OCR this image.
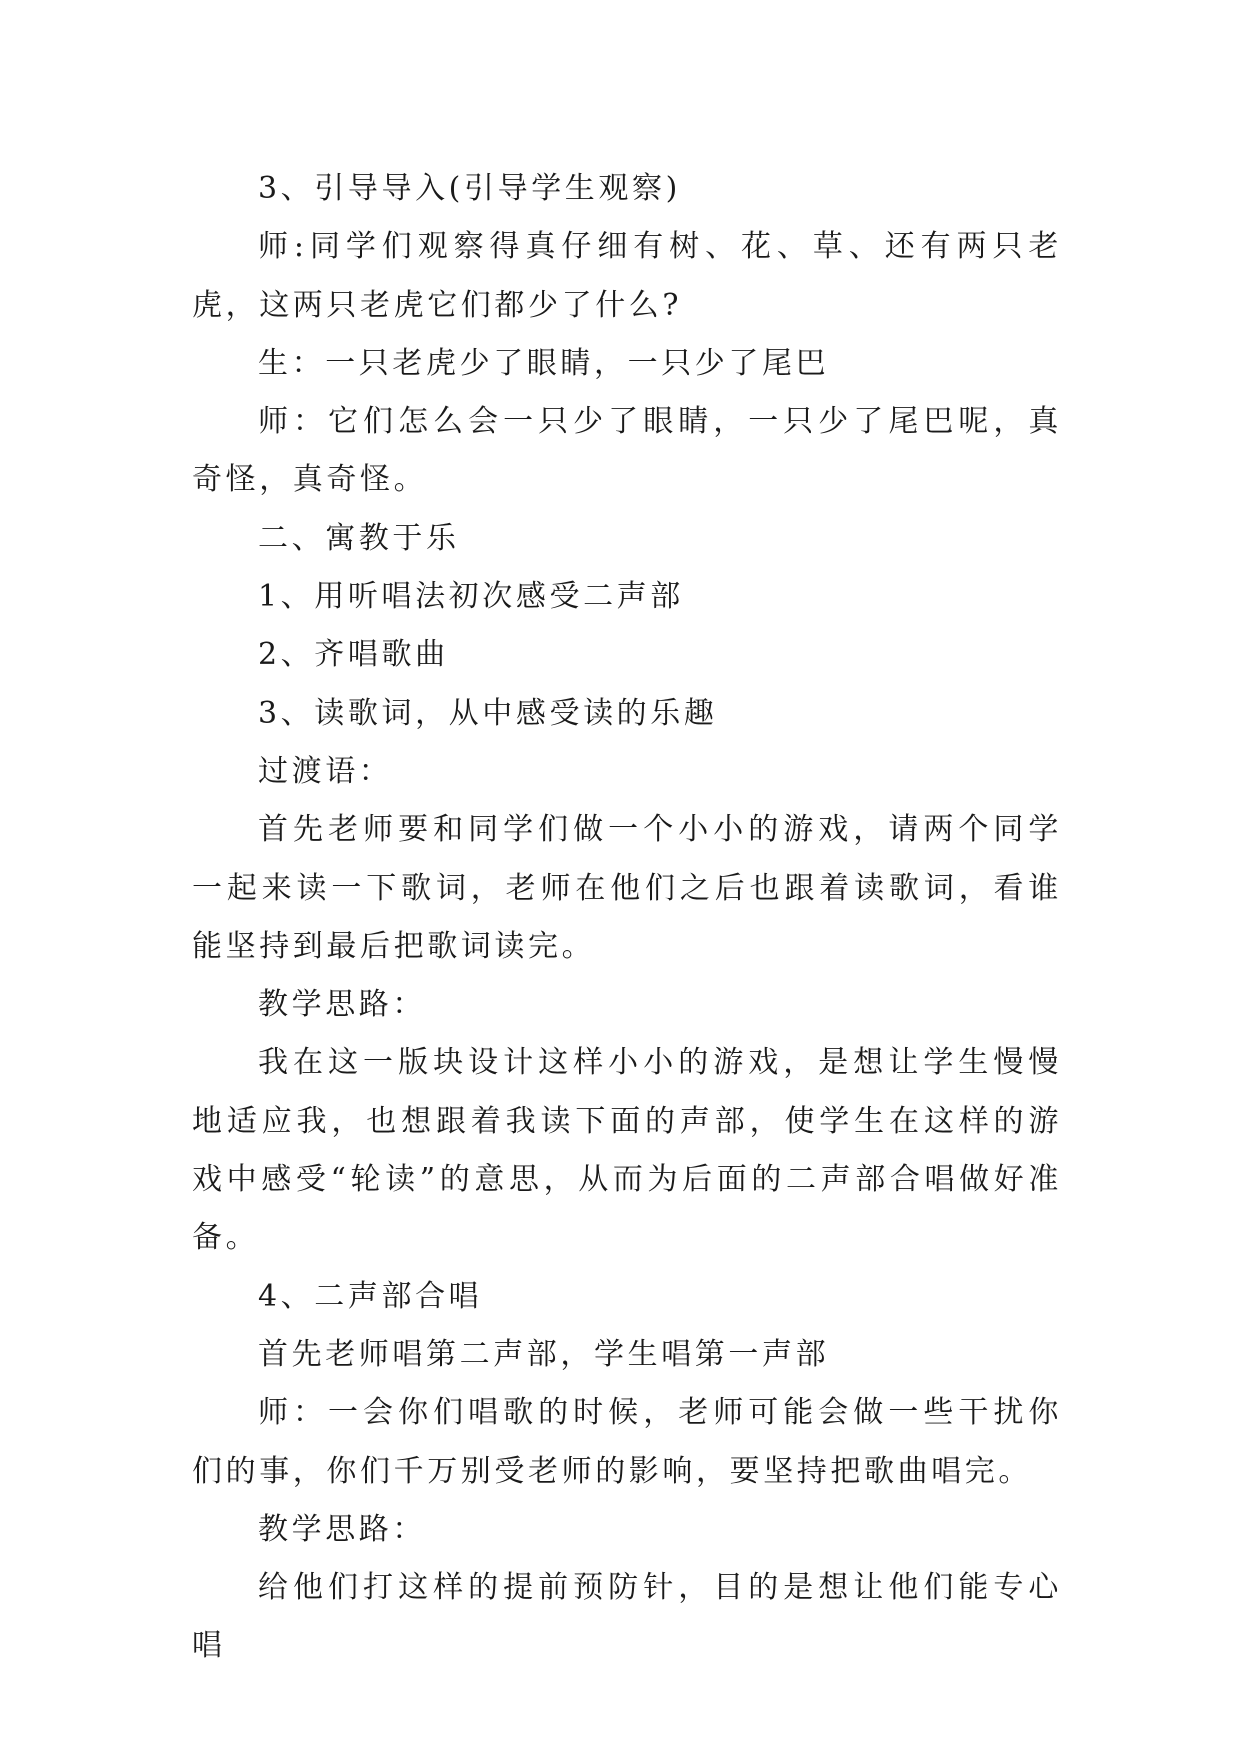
3、引导导入(引导学生观察)

师:同学们观察得真仔细有树、花、草、还有两只老虎，这两只老虎它们都少了什么?

生：一只老虎少了眼睛，一只少了尾巴

师：它们怎么会一只少了眼睛，一只少了尾巴呢，真奇怪，真奇怪。

二、寓教于乐

1、用听唱法初次感受二声部

2、齐唱歌曲

3、读歌词，从中感受读的乐趣

过渡语：

首先老师要和同学们做一个小小的游戏，请两个同学一起来读一下歌词，老师在他们之后也跟着读歌词，看谁能坚持到最后把歌词读完。

教学思路：

我在这一版块设计这样小小的游戏，是想让学生慢慢地适应我，也想跟着我读下面的声部，使学生在这样的游戏中感受“轮读”的意思，从而为后面的二声部合唱做好准备。

4、二声部合唱

首先老师唱第二声部，学生唱第一声部

师：一会你们唱歌的时候，老师可能会做一些干扰你们的事，你们千万别受老师的影响，要坚持把歌曲唱完。

教学思路：

给他们打这样的提前预防针，目的是想让他们能专心唱
